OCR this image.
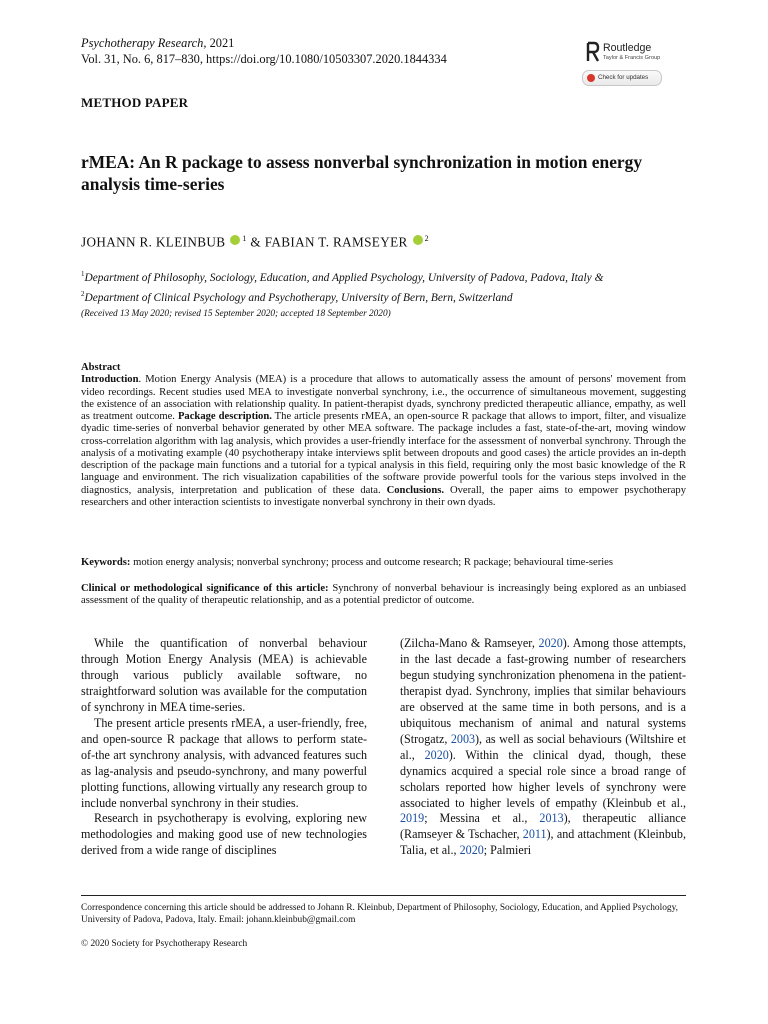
Psychotherapy Research, 2021
Vol. 31, No. 6, 817–830, https://doi.org/10.1080/10503307.2020.1844334
Routledge
Taylor & Francis Group
Check for updates
METHOD PAPER
rMEA: An R package to assess nonverbal synchronization in motion energy analysis time-series
JOHANN R. KLEINBUB $^1$ & FABIAN T. RAMSEYER $^2$
$^1$Department of Philosophy, Sociology, Education, and Applied Psychology, University of Padova, Padova, Italy &
$^2$Department of Clinical Psychology and Psychotherapy, University of Bern, Bern, Switzerland
(Received 13 May 2020; revised 15 September 2020; accepted 18 September 2020)
Abstract
Introduction. Motion Energy Analysis (MEA) is a procedure that allows to automatically assess the amount of persons' movement from video recordings. Recent studies used MEA to investigate nonverbal synchrony, i.e., the occurrence of simultaneous movement, suggesting the existence of an association with relationship quality. In patient-therapist dyads, synchrony predicted therapeutic alliance, empathy, as well as treatment outcome. Package description. The article presents rMEA, an open-source R package that allows to import, filter, and visualize dyadic time-series of nonverbal behavior generated by other MEA software. The package includes a fast, state-of-the-art, moving window cross-correlation algorithm with lag analysis, which provides a user-friendly interface for the assessment of nonverbal synchrony. Through the analysis of a motivating example (40 psychotherapy intake interviews split between dropouts and good cases) the article provides an in-depth description of the package main functions and a tutorial for a typical analysis in this field, requiring only the most basic knowledge of the R language and environment. The rich visualization capabilities of the software provide powerful tools for the various steps involved in the diagnostics, analysis, interpretation and publication of these data. Conclusions. Overall, the paper aims to empower psychotherapy researchers and other interaction scientists to investigate nonverbal synchrony in their own dyads.
Keywords: motion energy analysis; nonverbal synchrony; process and outcome research; R package; behavioural time-series
Clinical or methodological significance of this article: Synchrony of nonverbal behaviour is increasingly being explored as an unbiased assessment of the quality of therapeutic relationship, and as a potential predictor of outcome.

While the quantification of nonverbal behaviour through Motion Energy Analysis (MEA) is achievable through various publicly available software, no straightforward solution was available for the computation of synchrony in MEA time-series.

The present article presents rMEA, a user-friendly, free, and open-source R package that allows to perform state-of-the art synchrony analysis, with advanced features such as lag-analysis and pseudo-synchrony, and many powerful plotting functions, allowing virtually any research group to include nonverbal synchrony in their studies.

Research in psychotherapy is evolving, exploring new methodologies and making good use of new technologies derived from a wide range of disciplines

(Zilcha-Mano & Ramseyer, 2020). Among those attempts, in the last decade a fast-growing number of researchers begun studying synchronization phenomena in the patient-therapist dyad. Synchrony, implies that similar behaviours are observed at the same time in both persons, and is a ubiquitous mechanism of animal and natural systems (Strogatz, 2003), as well as social behaviours (Wiltshire et al., 2020). Within the clinical dyad, though, these dynamics acquired a special role since a broad range of scholars reported how higher levels of synchrony were associated to higher levels of empathy (Kleinbub et al., 2019; Messina et al., 2013), therapeutic alliance (Ramseyer & Tschacher, 2011), and attachment (Kleinbub, Talia, et al., 2020; Palmieri

Correspondence concerning this article should be addressed to Johann R. Kleinbub, Department of Philosophy, Sociology, Education, and Applied Psychology, University of Padova, Padova, Italy. Email: johann.kleinbub@gmail.com
© 2020 Society for Psychotherapy Research
